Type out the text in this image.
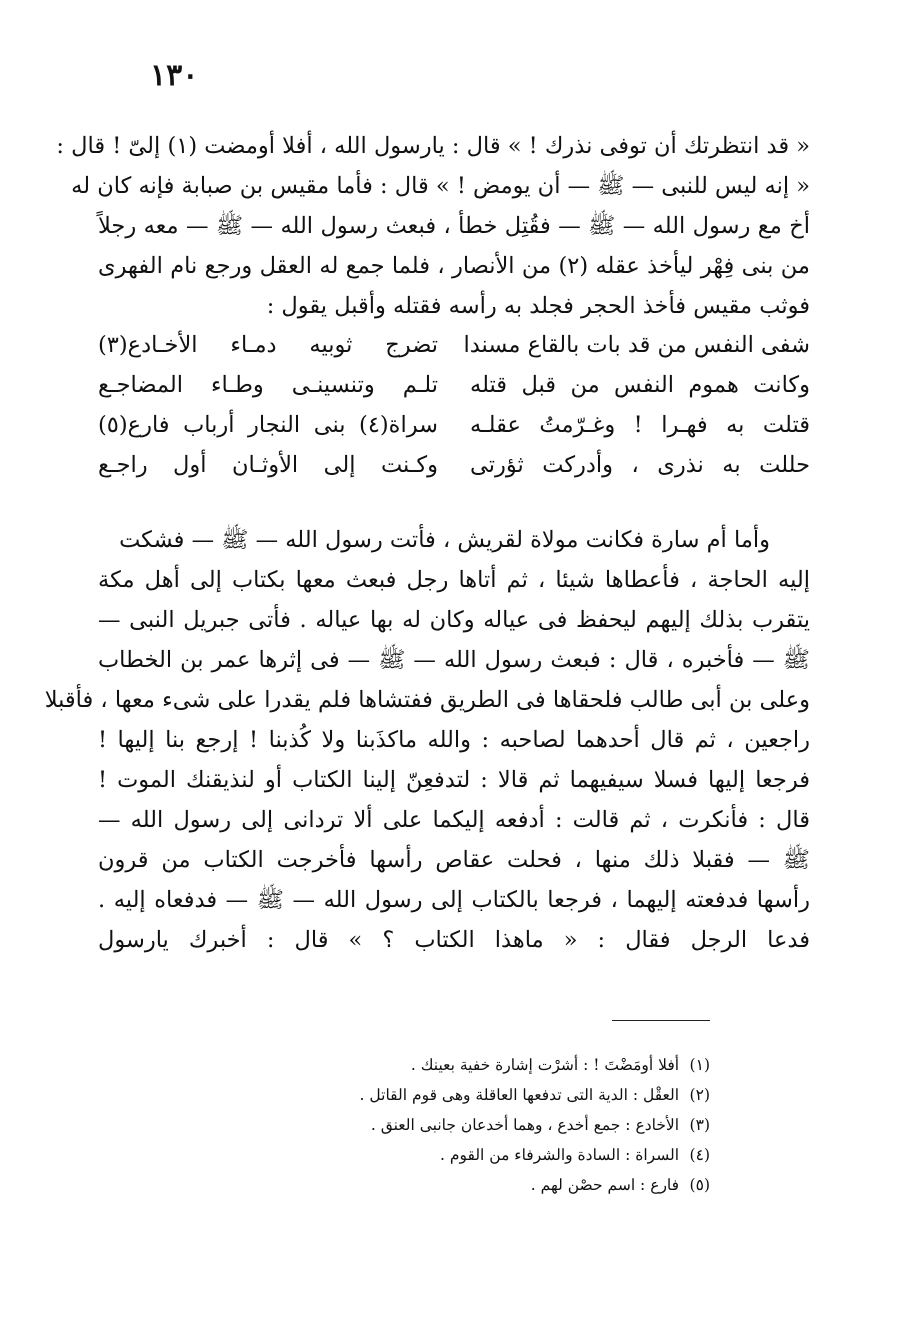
١٣٠
« قد انتظرتك أن توفى نذرك ! » قال : يارسول الله ، أفلا أومضت (١) إلىّ ! قال :
« إنه ليس للنبى — ﷺ — أن يومض ! » قال : فأما مقيس بن صبابة فإنه كان له
أخ مع رسول الله — ﷺ — فقُتِل خطأ ، فبعث رسول الله — ﷺ — معه رجلاً
من بنى فِهْر ليأخذ عقله (٢) من الأنصار ، فلما جمع له العقل ورجع نام الفهرى
فوثب مقيس فأخذ الحجر فجلد به رأسه فقتله وأقبل يقول :
شفى النفس من قد بات بالقاع مسندا
تضرج ثوبيه دمـاء الأخـادع(٣)
وكانت هموم النفس من قبل قتله
تلـم وتنسينـى وطـاء المضاجـع
قتلت به فهـرا ! وغـرّمتُ عقلـه
سراة(٤) بنى النجار أرباب فارع(٥)
حللت به نذرى ، وأدركت ثؤرتى
وكـنت إلى الأوثـان أول راجـع
وأما أم سارة فكانت مولاة لقريش ، فأتت رسول الله — ﷺ — فشكت
إليه الحاجة ، فأعطاها شيئا ، ثم أتاها رجل فبعث معها بكتاب إلى أهل مكة
يتقرب بذلك إليهم ليحفظ فى عياله وكان له بها عياله . فأتى جبريل النبى —
ﷺ — فأخبره ، قال : فبعث رسول الله — ﷺ — فى إثرها عمر بن الخطاب
وعلى بن أبى طالب فلحقاها فى الطريق ففتشاها فلم يقدرا على شىء معها ، فأقبلا
راجعين ، ثم قال أحدهما لصاحبه : والله ماكذَبنا ولا كُذبنا ! إرجع بنا إليها !
فرجعا إليها فسلا سيفيهما ثم قالا : لتدفعِنّ إلينا الكتاب أو لنذيقنك الموت !
قال : فأنكرت ، ثم قالت : أدفعه إليكما على ألا تردانى إلى رسول الله —
ﷺ — فقبلا ذلك منها ، فحلت عقاص رأسها فأخرجت الكتاب من قرون
رأسها فدفعته إليهما ، فرجعا بالكتاب إلى رسول الله — ﷺ — فدفعاه إليه .
فدعا الرجل فقال : « ماهذا الكتاب ؟ » قال : أخبرك يارسول
(١) أفلا أومَضْتَ ! : أشرْت إشارة خفية بعينك .
(٢) العقْل : الدية التى تدفعها العاقلة وهى قوم القاتل .
(٣) الأخادع : جمع أخدع ، وهما أخدعان جانبى العنق .
(٤) السراة : السادة والشرفاء من القوم .
(٥) فارع : اسم حصْن لهم .
